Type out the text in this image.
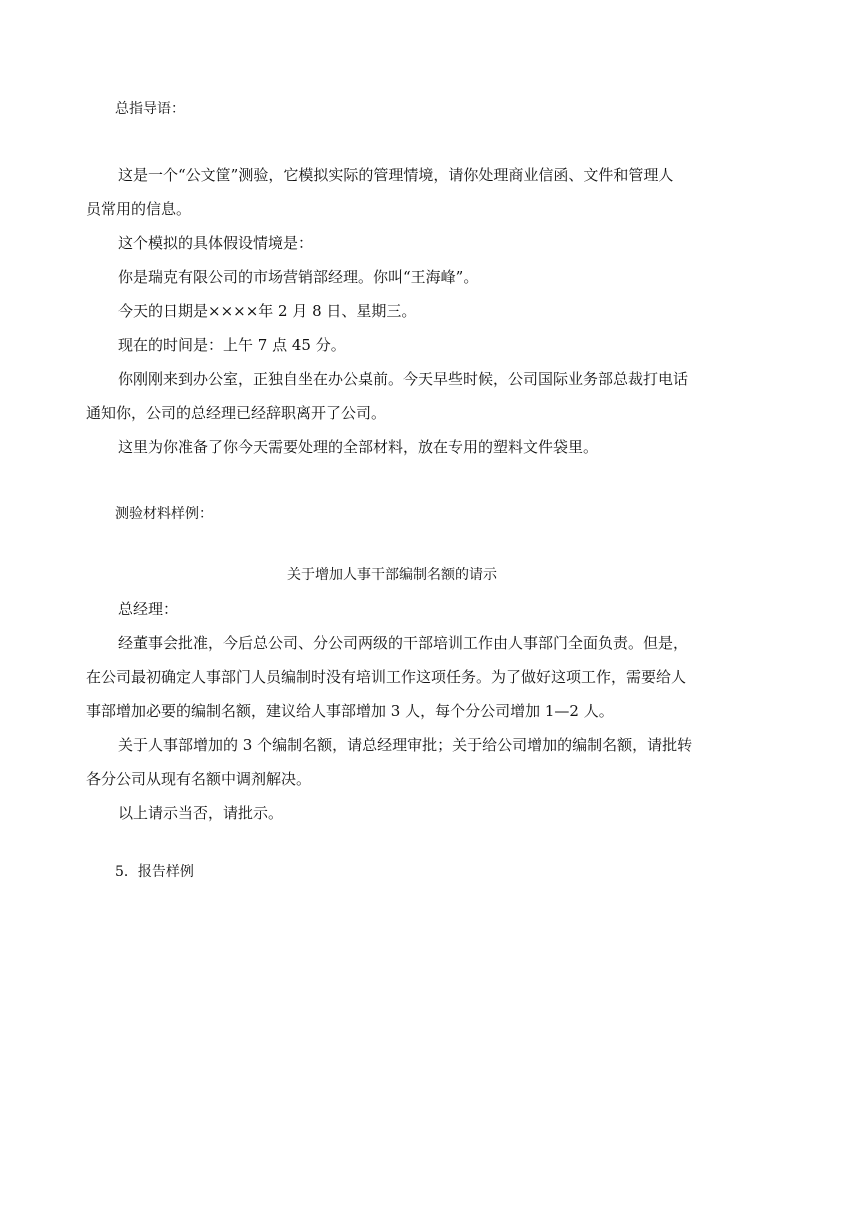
总指导语：

这是一个“公文筐”测验，它模拟实际的管理情境，请你处理商业信函、文件和管理人

员常用的信息。

这个模拟的具体假设情境是：

你是瑞克有限公司的市场营销部经理。你叫“王海峰”。

今天的日期是××××年 2 月 8 日、星期三。

现在的时间是：上午 7 点 45 分。

你刚刚来到办公室，正独自坐在办公桌前。今天早些时候，公司国际业务部总裁打电话

通知你，公司的总经理已经辞职离开了公司。

这里为你准备了你今天需要处理的全部材料，放在专用的塑料文件袋里。

测验材料样例：

关于增加人事干部编制名额的请示

总经理：

经董事会批准，今后总公司、分公司两级的干部培训工作由人事部门全面负责。但是，

在公司最初确定人事部门人员编制时没有培训工作这项任务。为了做好这项工作，需要给人

事部增加必要的编制名额，建议给人事部增加 3 人，每个分公司增加 1—2 人。

关于人事部增加的 3 个编制名额，请总经理审批；关于给公司增加的编制名额，请批转

各分公司从现有名额中调剂解决。

以上请示当否，请批示。

5．报告样例
